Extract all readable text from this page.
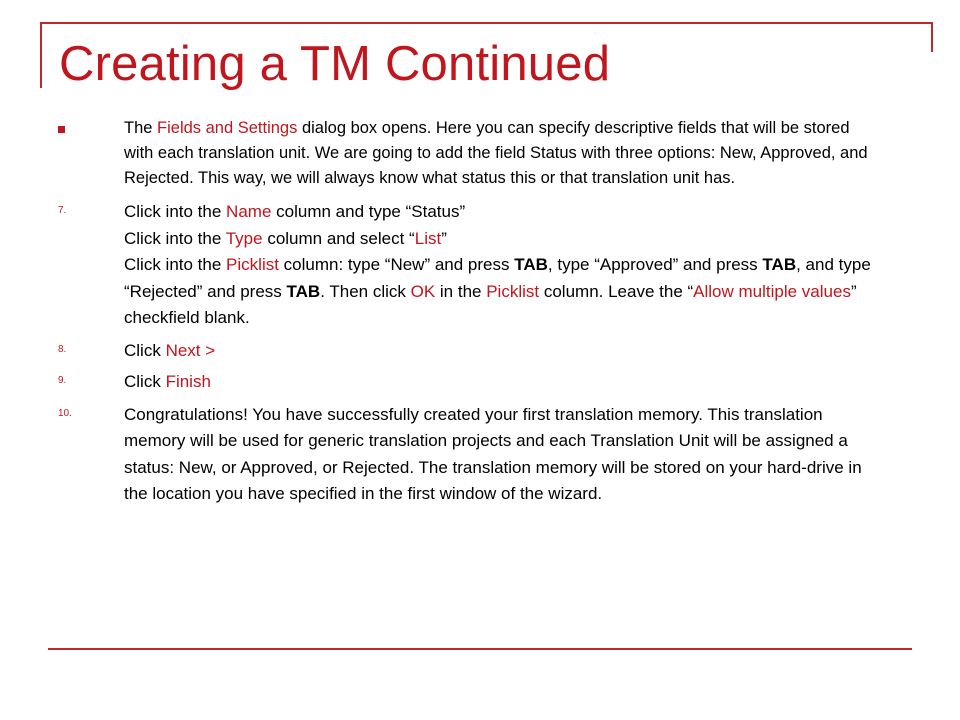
Creating a TM Continued
The Fields and Settings dialog box opens. Here you can specify descriptive fields that will be stored with each translation unit. We are going to add the field Status with three options: New, Approved, and Rejected. This way, we will always know what status this or that translation unit has.
7.	Click into the Name column and type “Status”
Click into the Type column and select “List”
Click into the Picklist column: type “New” and press TAB, type “Approved” and press TAB, and type “Rejected” and press TAB. Then click OK in the Picklist column. Leave the “Allow multiple values” checkfield blank.
8.	Click Next >
9.	Click Finish
10.	Congratulations! You have successfully created your first translation memory. This translation memory will be used for generic translation projects and each Translation Unit will be assigned a status: New, or Approved, or Rejected. The translation memory will be stored on your hard-drive in the location you have specified in the first window of the wizard.
